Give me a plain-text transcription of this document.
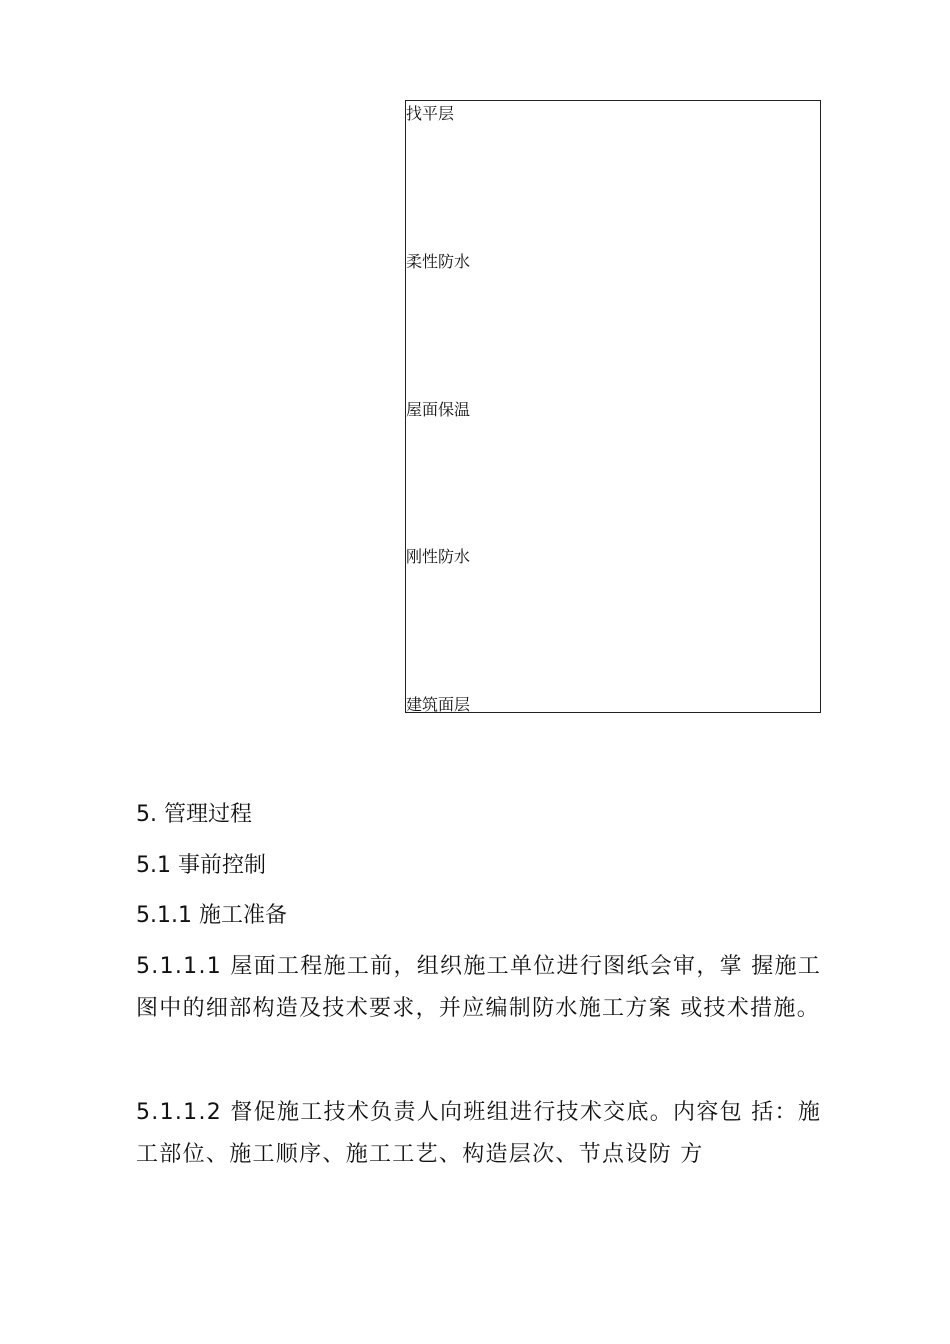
找平层
柔性防水
屋面保温
刚性防水
建筑面层
5. 管理过程
5.1 事前控制
5.1.1 施工准备
5.1.1.1 屋面工程施工前，组织施工单位进行图纸会审，掌 握施工图中的细部构造及技术要求，并应编制防水施工方案 或技术措施。
5.1.1.2 督促施工技术负责人向班组进行技术交底。内容包 括：施工部位、施工顺序、施工工艺、构造层次、节点设防 方
